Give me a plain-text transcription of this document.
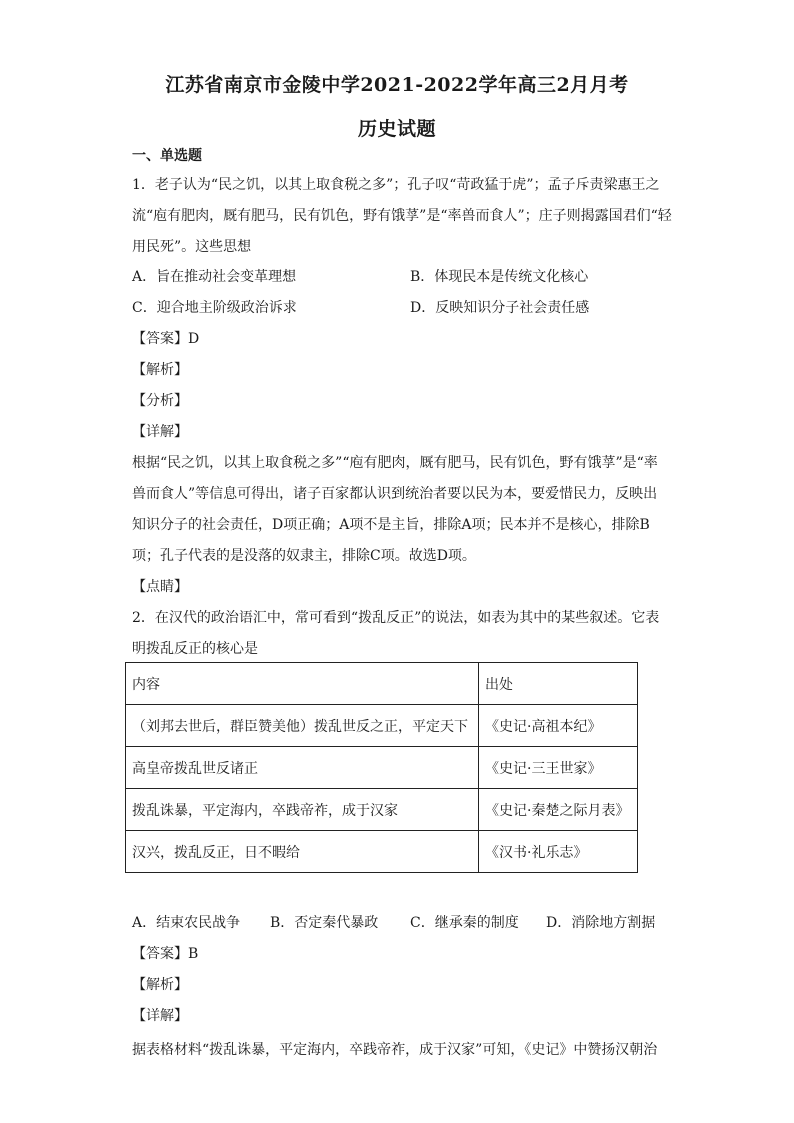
江苏省南京市金陵中学2021-2022学年高三2月月考
历史试题
一、单选题
1．老子认为“民之饥，以其上取食税之多”；孔子叹“苛政猛于虎”；孟子斥责梁惠王之
流“庖有肥肉，厩有肥马，民有饥色，野有饿莩”是“率兽而食人”；庄子则揭露国君们“轻
用民死”。这些思想
A．旨在推动社会变革理想	B．体现民本是传统文化核心
C．迎合地主阶级政治诉求	D．反映知识分子社会责任感
【答案】D
【解析】
【分析】
【详解】
根据“民之饥，以其上取食税之多”“庖有肥肉，厩有肥马，民有饥色，野有饿莩”是“率
兽而食人”等信息可得出，诸子百家都认识到统治者要以民为本，要爱惜民力，反映出
知识分子的社会责任，D项正确；A项不是主旨，排除A项；民本并不是核心，排除B
项；孔子代表的是没落的奴隶主，排除C项。故选D项。
【点睛】
2．在汉代的政治语汇中，常可看到“拨乱反正”的说法，如表为其中的某些叙述。它表
明拨乱反正的核心是
内容	出处
（刘邦去世后，群臣赞美他）拨乱世反之正，平定天下	《史记·高祖本纪》
高皇帝拨乱世反诸正	《史记·三王世家》
拨乱诛暴，平定海内，卒践帝祚，成于汉家	《史记·秦楚之际月表》
汉兴，拨乱反正，日不暇给	《汉书·礼乐志》
A．结束农民战争 B．否定秦代暴政 C．继承秦的制度 D．消除地方割据
【答案】B
【解析】
【详解】
据表格材料“拨乱诛暴，平定海内，卒践帝祚，成于汉家”可知，《史记》中赞扬汉朝治
